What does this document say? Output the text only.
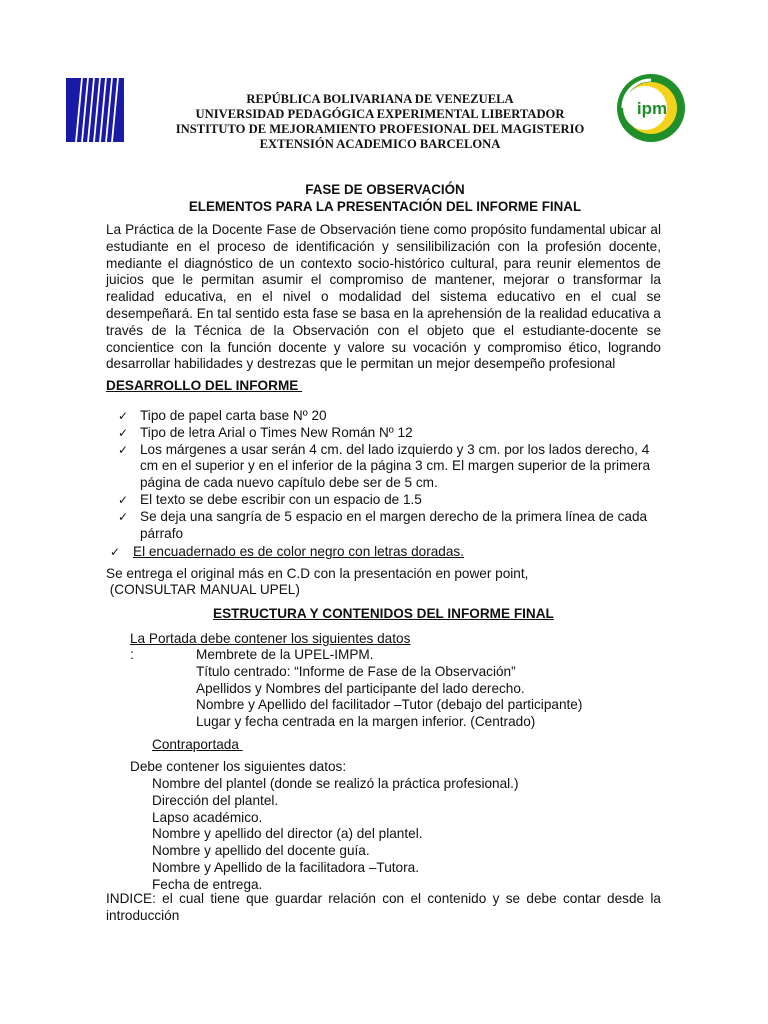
ipm
REPÚBLICA BOLIVARIANA DE VENEZUELA
UNIVERSIDAD PEDAGÓGICA EXPERIMENTAL LIBERTADOR
INSTITUTO DE MEJORAMIENTO PROFESIONAL DEL MAGISTERIO
EXTENSIÓN ACADEMICO BARCELONA
FASE DE OBSERVACIÓN
ELEMENTOS PARA LA PRESENTACIÓN DEL INFORME FINAL
La Práctica de la Docente Fase de Observación tiene como propósito fundamental ubicar al estudiante en el proceso de identificación y sensilibilización con la profesión docente, mediante el diagnóstico de un contexto socio-histórico cultural, para reunir elementos de juicios que le permitan asumir el compromiso de mantener, mejorar o transformar la realidad educativa, en el nivel o modalidad del sistema educativo en el cual se desempeñará. En tal sentido esta fase se basa en la aprehensión de la realidad educativa a través de la Técnica de la Observación con el objeto que el estudiante-docente se concientice con la función docente y valore su vocación y compromiso ético, logrando desarrollar habilidades y destrezas que le permitan un mejor desempeño profesional
DESARROLLO DEL INFORME
✓ Tipo de papel carta base Nº 20
✓ Tipo de letra Arial o Times New Román Nº 12
✓ Los márgenes a usar serán 4 cm. del lado izquierdo y 3 cm. por los lados derecho, 4 cm en el superior y en el inferior de la página 3 cm. El margen superior de la primera página de cada nuevo capítulo debe ser de 5 cm.
✓ El texto se debe escribir con un espacio de 1.5
✓ Se deja una sangría de 5 espacio en el margen derecho de la primera línea de cada párrafo
✓ El encuadernado es de color negro con letras doradas.
Se entrega el original más en C.D con la presentación en power point,
(CONSULTAR MANUAL UPEL)
ESTRUCTURA Y CONTENIDOS DEL INFORME FINAL
La Portada debe contener los siguientes datos
:	Membrete de la UPEL-IMPM.
Título centrado: “Informe de Fase de la Observación”
Apellidos y Nombres del participante del lado derecho.
Nombre y Apellido del facilitador –Tutor (debajo del participante)
Lugar y fecha centrada en la margen inferior. (Centrado)
Contraportada
Debe contener los siguientes datos:
Nombre del plantel (donde se realizó la práctica profesional.)
Dirección del plantel.
Lapso académico.
Nombre y apellido del director (a) del plantel.
Nombre y apellido del docente guía.
Nombre y Apellido de la facilitadora –Tutora.
Fecha de entrega.
INDICE: el cual tiene que guardar relación con el contenido y se debe contar desde la introducción
